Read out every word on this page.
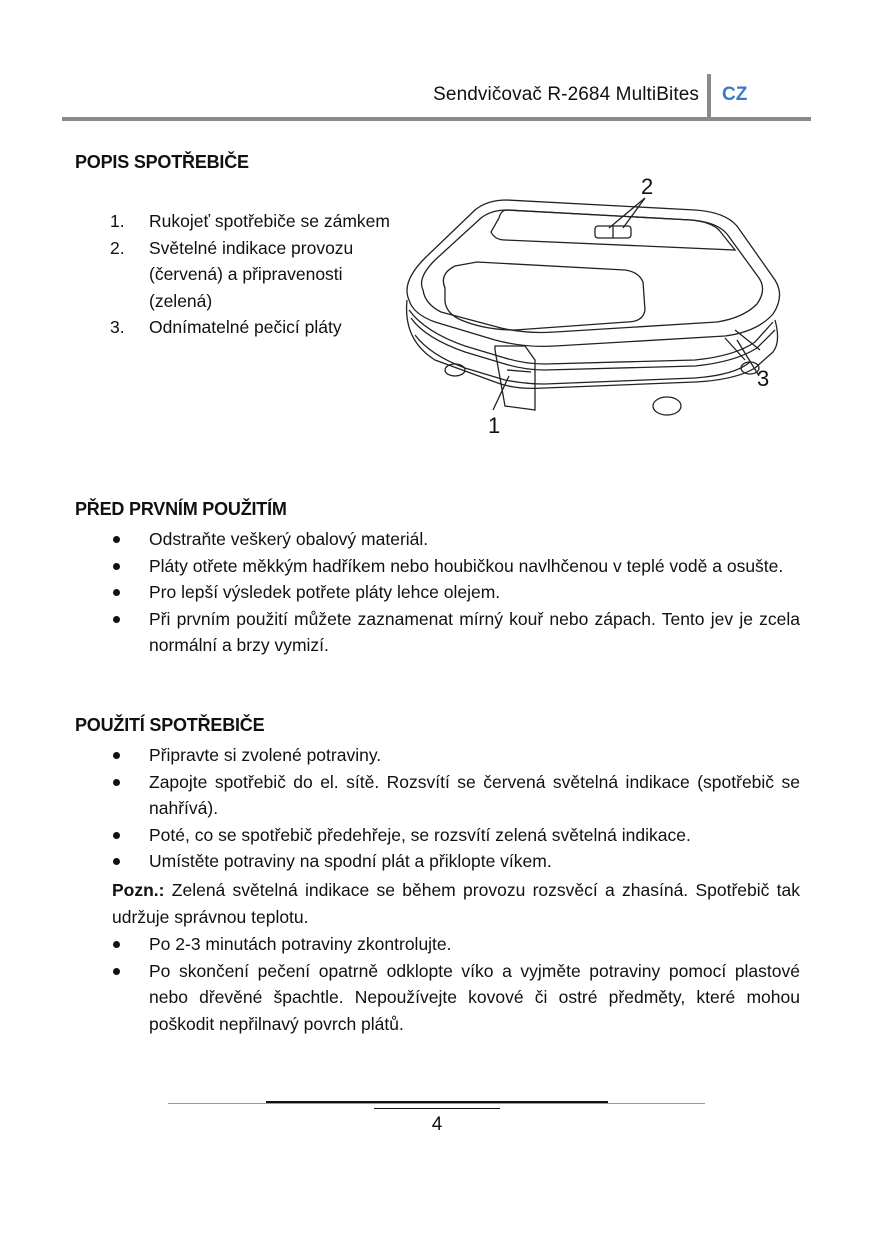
Sendvičovač R-2684 MultiBites CZ
POPIS SPOTŘEBIČE
1. Rukojeť spotřebiče se zámkem
2. Světelné indikace provozu (červená) a připravenosti (zelená)
3. Odnímatelné pečicí pláty
2
1
3
PŘED PRVNÍM POUŽITÍM
Odstraňte veškerý obalový materiál.
Pláty otřete měkkým hadříkem nebo houbičkou navlhčenou v teplé vodě a osušte.
Pro lepší výsledek potřete pláty lehce olejem.
Při prvním použití můžete zaznamenat mírný kouř nebo zápach. Tento jev je zcela normální a brzy vymizí.
POUŽITÍ SPOTŘEBIČE
Připravte si zvolené potraviny.
Zapojte spotřebič do el. sítě. Rozsvítí se červená světelná indikace (spotřebič se nahřívá).
Poté, co se spotřebič předehřeje, se rozsvítí zelená světelná indikace.
Umístěte potraviny na spodní plát a přiklopte víkem.

Pozn.: Zelená světelná indikace se během provozu rozsvěcí a zhasíná. Spotřebič tak udržuje správnou teplotu.

Po 2-3 minutách potraviny zkontrolujte.
Po skončení pečení opatrně odklopte víko a vyjměte potraviny pomocí plastové nebo dřevěné špachtle. Nepoužívejte kovové či ostré předměty, které mohou poškodit nepřilnavý povrch plátů.
4
